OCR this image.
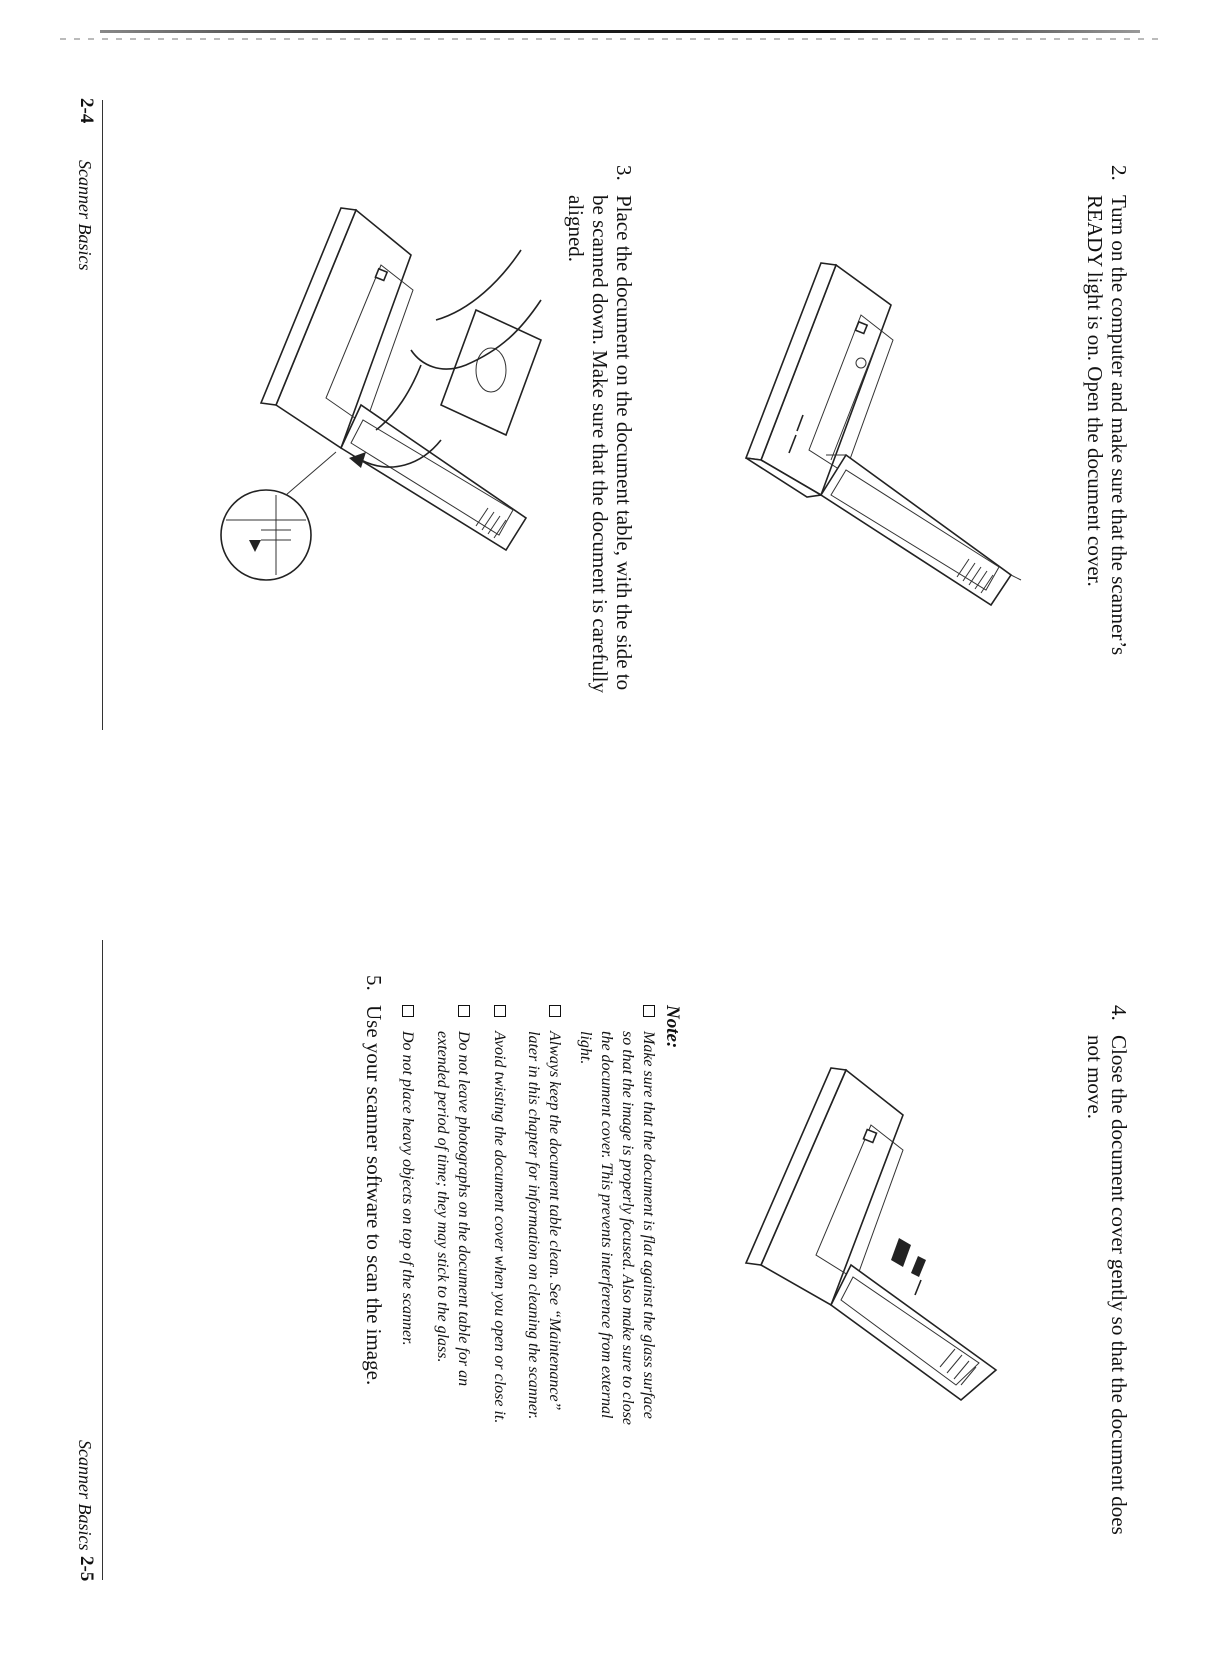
2.
Turn on the computer and make sure that the scanner’s
READY light is on. Open the document cover.
3.
Place the document on the document table, with the side to
be scanned down. Make sure that the document is carefully
aligned.
2-4
Scanner Basics
4.
Close the document cover gently so that the document does
not move.
Note:
Make sure that the document is flat against the glass surface
so that the image is properly focused. Also make sure to close
the document cover. This prevents interference from external
light.
Always keep the document table clean. See “Maintenance”
later in this chapter for information on cleaning the scanner.
Avoid twisting the document cover when you open or close it.
Do not leave photographs on the document table for an
extended period of time; they may stick to the glass.
Do not place heavy objects on top of the scanner.
5.
Use your scanner software to scan the image.
Scanner Basics
2-5
